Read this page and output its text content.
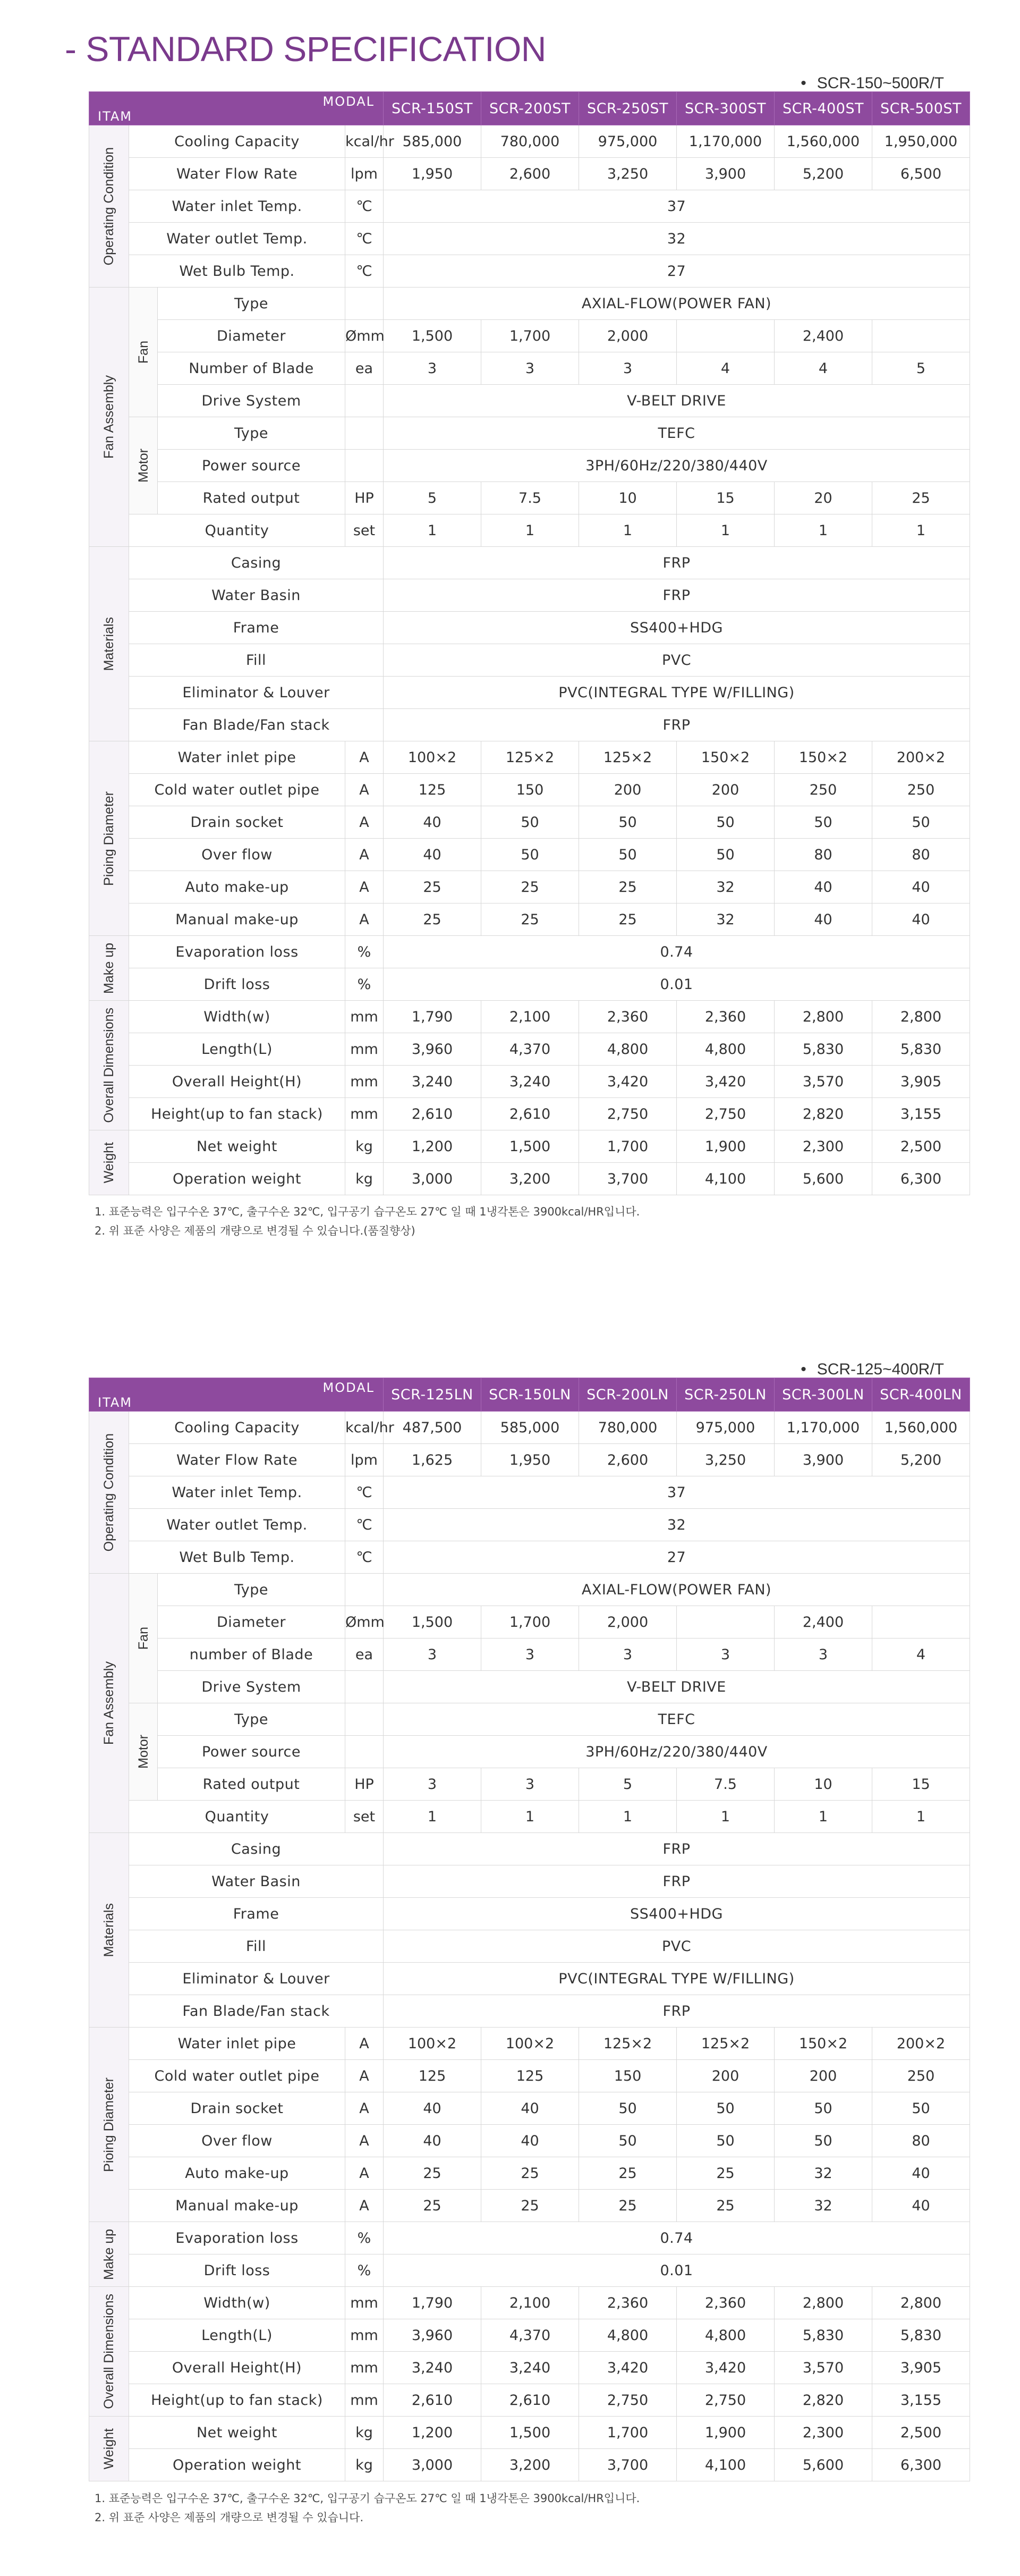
- STANDARD SPECIFICATION
• SCR-150~500R/T
MODAL
ITAM				SCR-150ST	SCR-200ST	SCR-250ST	SCR-300ST	SCR-400ST	SCR-500ST

Operating Condition	Cooling Capacity		kcal/hr	585,000	780,000	975,000	1,170,000	1,560,000	1,950,000
	Water Flow Rate		lpm	1,950	2,600	3,250	3,900	5,200	6,500
	Water inlet Temp.		℃	37					
	Water outlet Temp.		℃	32					
	Wet Bulb Temp.		℃	27					

Fan Assembly	Fan	Type		AXIAL-FLOW(POWER FAN)					
		Diameter	Ømm	1,500	1,700	2,000		2,400	
		Number of Blade	ea	3	3	3	4	4	5
		Drive System		V-BELT DRIVE					

	Motor	Type		TEFC					
		Power source		3PH/60Hz/220/380/440V					
		Rated output	HP	5	7.5	10	15	20	25
	Quantity		set	1	1	1	1	1	1

Materials	Casing			FRP					
	Water Basin			FRP					
	Frame			SS400+HDG					
	Fill			PVC					
	Eliminator & Louver			PVC(INTEGRAL TYPE W/FILLING)					
	Fan Blade/Fan stack			FRP					

Pioing Diameter	Water inlet pipe		A	100×2	125×2	125×2	150×2	150×2	200×2
	Cold water outlet pipe		A	125	150	200	200	250	250
	Drain socket		A	40	50	50	50	50	50
	Over flow		A	40	50	50	50	80	80
	Auto make-up		A	25	25	25	32	40	40
	Manual make-up		A	25	25	25	32	40	40

Make up	Evaporation loss		%	0.74					
	Drift loss		%	0.01					

Overall Dimensions	Width(w)		mm	1,790	2,100	2,360	2,360	2,800	2,800
	Length(L)		mm	3,960	4,370	4,800	4,800	5,830	5,830
	Overall Height(H)		mm	3,240	3,240	3,420	3,420	3,570	3,905
	Height(up to fan stack)		mm	2,610	2,610	2,750	2,750	2,820	3,155

Weight	Net weight		kg	1,200	1,500	1,700	1,900	2,300	2,500
	Operation weight		kg	3,000	3,200	3,700	4,100	5,600	6,300
1. 표준능력은 입구수온 37℃, 출구수온 32℃, 입구공기 습구온도 27℃ 일 때 1냉각톤은 3900kcal/HR입니다.
2. 위 표준 사양은 제품의 개량으로 변경될 수 있습니다.(품질향상)
• SCR-125~400R/T
MODAL
ITAM				SCR-125LN	SCR-150LN	SCR-200LN	SCR-250LN	SCR-300LN	SCR-400LN

Operating Condition	Cooling Capacity		kcal/hr	487,500	585,000	780,000	975,000	1,170,000	1,560,000
	Water Flow Rate		lpm	1,625	1,950	2,600	3,250	3,900	5,200
	Water inlet Temp.		℃	37					
	Water outlet Temp.		℃	32					
	Wet Bulb Temp.		℃	27					

Fan Assembly	Fan	Type		AXIAL-FLOW(POWER FAN)					
		Diameter	Ømm	1,500	1,700	2,000		2,400	
		number of Blade	ea	3	3	3	3	3	4
		Drive System		V-BELT DRIVE					

	Motor	Type		TEFC					
		Power source		3PH/60Hz/220/380/440V					
		Rated output	HP	3	3	5	7.5	10	15
	Quantity		set	1	1	1	1	1	1

Materials	Casing			FRP					
	Water Basin			FRP					
	Frame			SS400+HDG					
	Fill			PVC					
	Eliminator & Louver			PVC(INTEGRAL TYPE W/FILLING)					
	Fan Blade/Fan stack			FRP					

Pioing Diameter	Water inlet pipe		A	100×2	100×2	125×2	125×2	150×2	200×2
	Cold water outlet pipe		A	125	125	150	200	200	250
	Drain socket		A	40	40	50	50	50	50
	Over flow		A	40	40	50	50	50	80
	Auto make-up		A	25	25	25	25	32	40
	Manual make-up		A	25	25	25	25	32	40

Make up	Evaporation loss		%	0.74					
	Drift loss		%	0.01					

Overall Dimensions	Width(w)		mm	1,790	2,100	2,360	2,360	2,800	2,800
	Length(L)		mm	3,960	4,370	4,800	4,800	5,830	5,830
	Overall Height(H)		mm	3,240	3,240	3,420	3,420	3,570	3,905
	Height(up to fan stack)		mm	2,610	2,610	2,750	2,750	2,820	3,155

Weight	Net weight		kg	1,200	1,500	1,700	1,900	2,300	2,500
	Operation weight		kg	3,000	3,200	3,700	4,100	5,600	6,300
1. 표준능력은 입구수온 37℃, 출구수온 32℃, 입구공기 습구온도 27℃ 일 때 1냉각톤은 3900kcal/HR입니다.
2. 위 표준 사양은 제품의 개량으로 변경될 수 있습니다.
